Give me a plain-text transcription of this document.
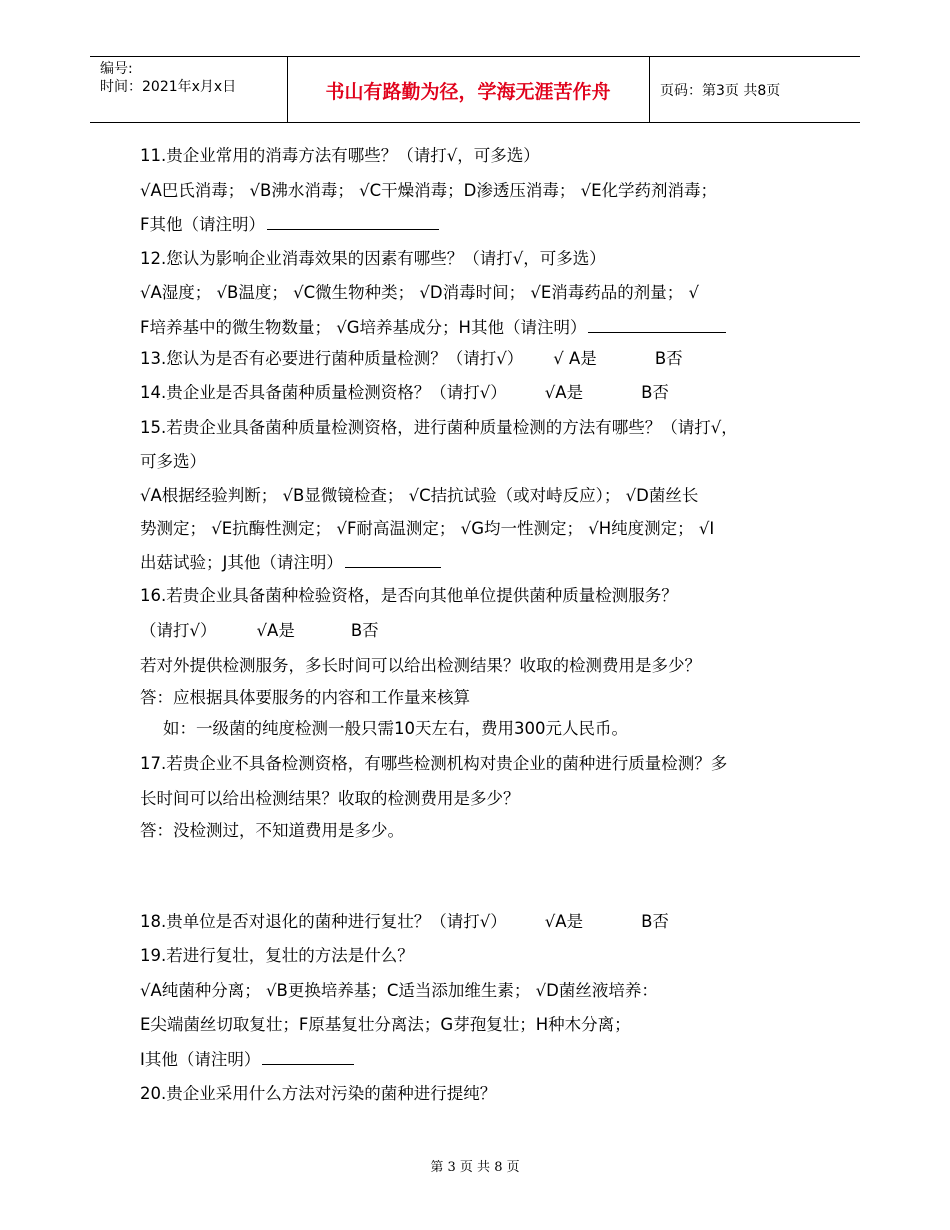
编号:
时间：2021年x月x日	书山有路勤为径，学海无涯苦作舟	页码：第3页 共8页
11.贵企业常用的消毒方法有哪些？（请打√，可多选）
√A巴氏消毒； √B沸水消毒； √C干燥消毒；D渗透压消毒； √E化学药剂消毒；
F其他（请注明）
12.您认为影响企业消毒效果的因素有哪些？（请打√，可多选）
√A湿度； √B温度； √C微生物种类； √D消毒时间； √E消毒药品的剂量； √
F培养基中的微生物数量； √G培养基成分；H其他（请注明）
13.您认为是否有必要进行菌种质量检测？（请打√） √ A是	B否
14.贵企业是否具备菌种质量检测资格？（请打√） √A是	B否
15.若贵企业具备菌种质量检测资格，进行菌种质量检测的方法有哪些？（请打√，
可多选）
√A根据经验判断； √B显微镜检查； √C拮抗试验（或对峙反应）； √D菌丝长
势测定； √E抗酶性测定； √F耐高温测定； √G均一性测定； √H纯度测定； √I
出菇试验；J其他（请注明）
16.若贵企业具备菌种检验资格，是否向其他单位提供菌种质量检测服务？
（请打√） √A是	B否
若对外提供检测服务，多长时间可以给出检测结果？收取的检测费用是多少？
答：应根据具体要服务的内容和工作量来核算
如：一级菌的纯度检测一般只需10天左右，费用300元人民币。
17.若贵企业不具备检测资格，有哪些检测机构对贵企业的菌种进行质量检测？多
长时间可以给出检测结果？收取的检测费用是多少？
答：没检测过，不知道费用是多少。
18.贵单位是否对退化的菌种进行复壮？（请打√） √A是	B否
19.若进行复壮，复壮的方法是什么？
√A纯菌种分离； √B更换培养基；C适当添加维生素； √D菌丝液培养：
E尖端菌丝切取复壮；F原基复壮分离法；G芽孢复壮；H种木分离；
I其他（请注明）
20.贵企业采用什么方法对污染的菌种进行提纯？
第 3 页 共 8 页
